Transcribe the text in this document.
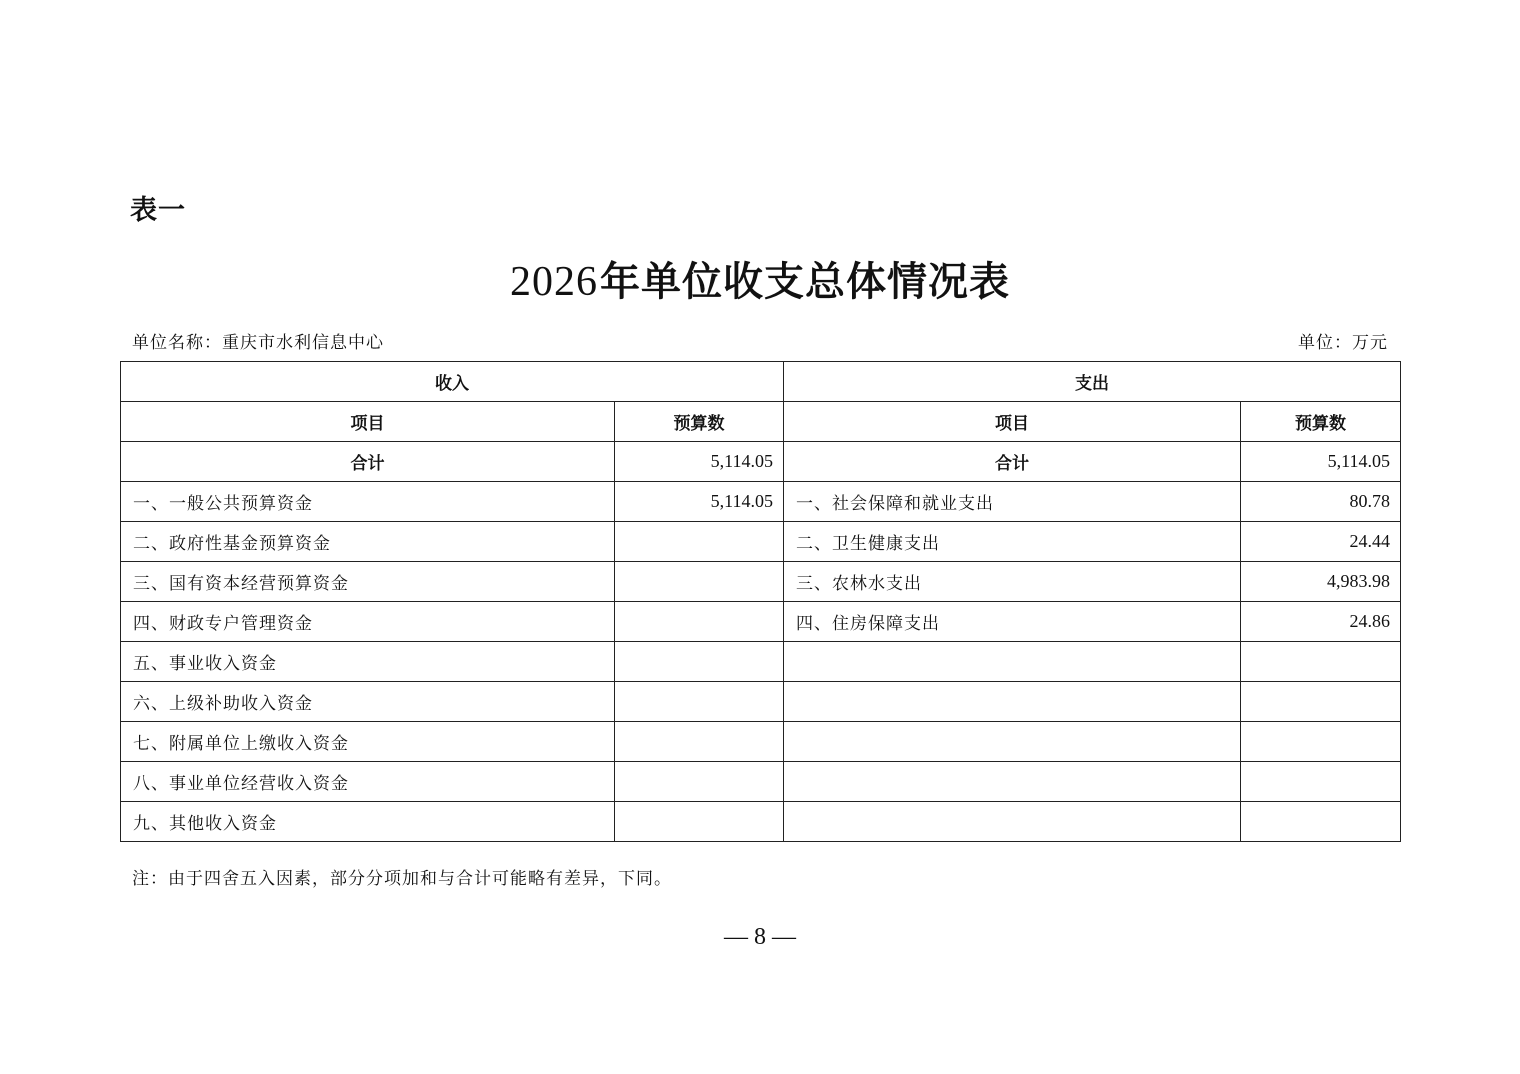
表一
2026年单位收支总体情况表
单位名称：重庆市水利信息中心	单位：万元
收入		支出	
项目	预算数	项目	预算数
合计	5,114.05	合计	5,114.05
一、一般公共预算资金	5,114.05	一、社会保障和就业支出	80.78
二、政府性基金预算资金		二、卫生健康支出	24.44
三、国有资本经营预算资金		三、农林水支出	4,983.98
四、财政专户管理资金		四、住房保障支出	24.86
五、事业收入资金			
六、上级补助收入资金			
七、附属单位上缴收入资金			
八、事业单位经营收入资金			
九、其他收入资金			
注：由于四舍五入因素，部分分项加和与合计可能略有差异，下同。
— 8 —
